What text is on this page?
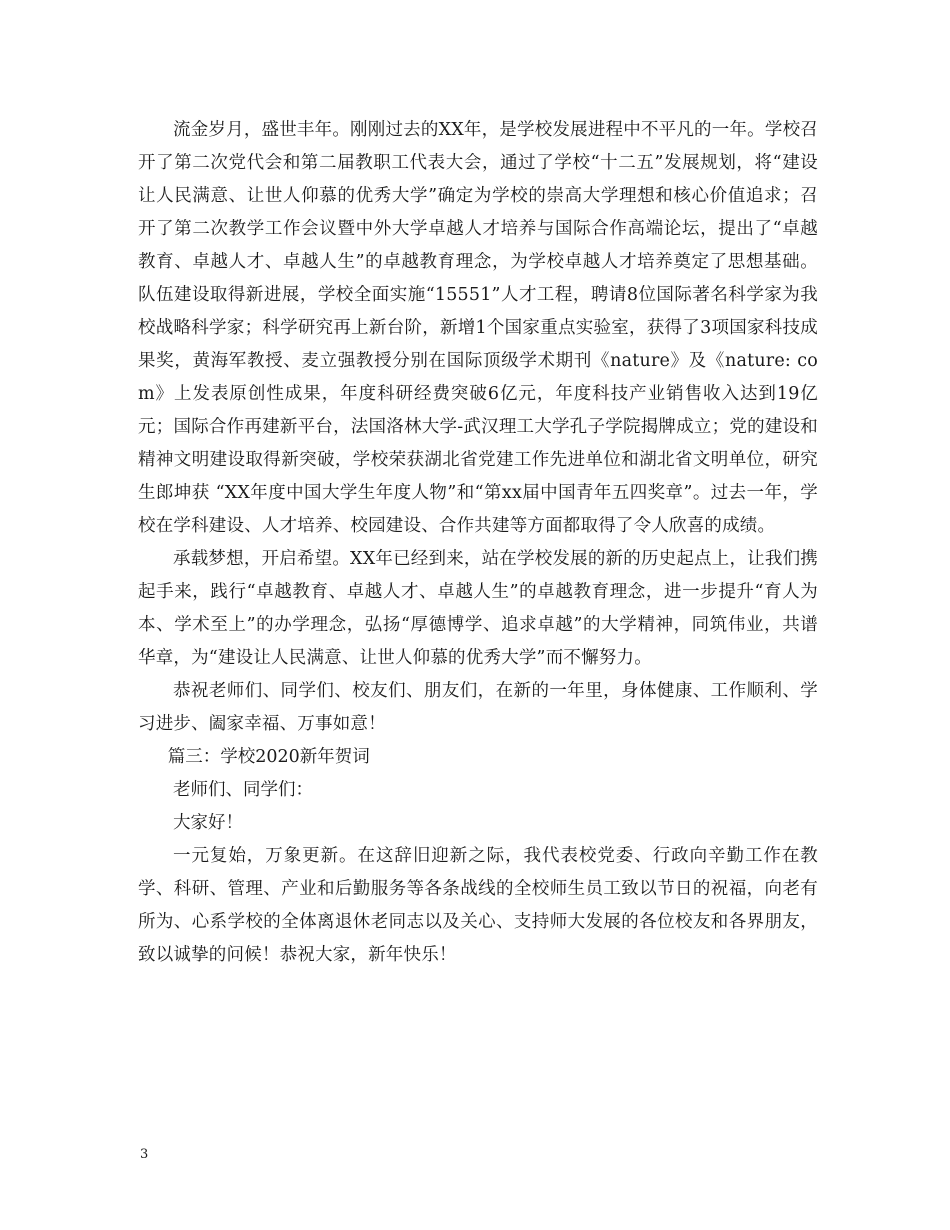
流金岁月，盛世丰年。刚刚过去的XX年，是学校发展进程中不平凡的一年。学校召开了第二次党代会和第二届教职工代表大会，通过了学校“十二五”发展规划，将“建设让人民满意、让世人仰慕的优秀大学”确定为学校的崇高大学理想和核心价值追求；召开了第二次教学工作会议暨中外大学卓越人才培养与国际合作高端论坛，提出了“卓越教育、卓越人才、卓越人生”的卓越教育理念，为学校卓越人才培养奠定了思想基础。队伍建设取得新进展，学校全面实施“15551”人才工程，聘请8位国际著名科学家为我校战略科学家；科学研究再上新台阶，新增1个国家重点实验室，获得了3项国家科技成果奖，黄海军教授、麦立强教授分别在国际顶级学术期刊《nature》及《nature: com》上发表原创性成果，年度科研经费突破6亿元，年度科技产业销售收入达到19亿元；国际合作再建新平台，法国洛林大学-武汉理工大学孔子学院揭牌成立；党的建设和精神文明建设取得新突破，学校荣获湖北省党建工作先进单位和湖北省文明单位，研究生郎坤获 “XX年度中国大学生年度人物”和“第xx届中国青年五四奖章”。过去一年，学校在学科建设、人才培养、校园建设、合作共建等方面都取得了令人欣喜的成绩。

承载梦想，开启希望。XX年已经到来，站在学校发展的新的历史起点上，让我们携起手来，践行“卓越教育、卓越人才、卓越人生”的卓越教育理念，进一步提升“育人为本、学术至上”的办学理念，弘扬“厚德博学、追求卓越”的大学精神，同筑伟业，共谱华章，为“建设让人民满意、让世人仰慕的优秀大学”而不懈努力。

恭祝老师们、同学们、校友们、朋友们，在新的一年里，身体健康、工作顺利、学习进步、阖家幸福、万事如意！

篇三：学校2020新年贺词

老师们、同学们：

大家好！

一元复始，万象更新。在这辞旧迎新之际，我代表校党委、行政向辛勤工作在教学、科研、管理、产业和后勤服务等各条战线的全校师生员工致以节日的祝福，向老有所为、心系学校的全体离退休老同志以及关心、支持师大发展的各位校友和各界朋友，致以诚挚的问候！恭祝大家，新年快乐！

3
